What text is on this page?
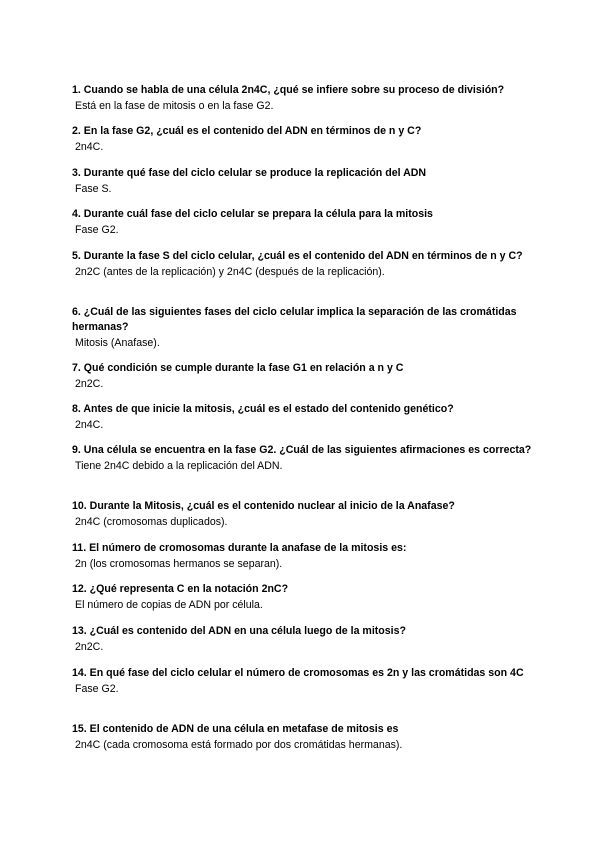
1. Cuando se habla de una célula 2n4C, ¿qué se infiere sobre su proceso de división?

Está en la fase de mitosis o en la fase G2.

2. En la fase G2, ¿cuál es el contenido del ADN en términos de n y C?

2n4C.

3. Durante qué fase del ciclo celular se produce la replicación del ADN

Fase S.

4. Durante cuál fase del ciclo celular se prepara la célula para la mitosis

Fase G2.

5. Durante la fase S del ciclo celular, ¿cuál es el contenido del ADN en términos de n y C?

2n2C (antes de la replicación) y 2n4C (después de la replicación).

6. ¿Cuál de las siguientes fases del ciclo celular implica la separación de las cromátidas hermanas?

Mitosis (Anafase).

7. Qué condición se cumple durante la fase G1 en relación a n y C

2n2C.

8. Antes de que inicie la mitosis, ¿cuál es el estado del contenido genético?

2n4C.

9. Una célula se encuentra en la fase G2. ¿Cuál de las siguientes afirmaciones es correcta?

Tiene 2n4C debido a la replicación del ADN.

10. Durante la Mitosis, ¿cuál es el contenido nuclear al inicio de la Anafase?

2n4C (cromosomas duplicados).

11. El número de cromosomas durante la anafase de la mitosis es:

2n (los cromosomas hermanos se separan).

12. ¿Qué representa C en la notación 2nC?

El número de copias de ADN por célula.

13. ¿Cuál es contenido del ADN en una célula luego de la mitosis?

2n2C.

14. En qué fase del ciclo celular el número de cromosomas es 2n y las cromátidas son 4C

Fase G2.

15. El contenido de ADN de una célula en metafase de mitosis es

2n4C (cada cromosoma está formado por dos cromátidas hermanas).
